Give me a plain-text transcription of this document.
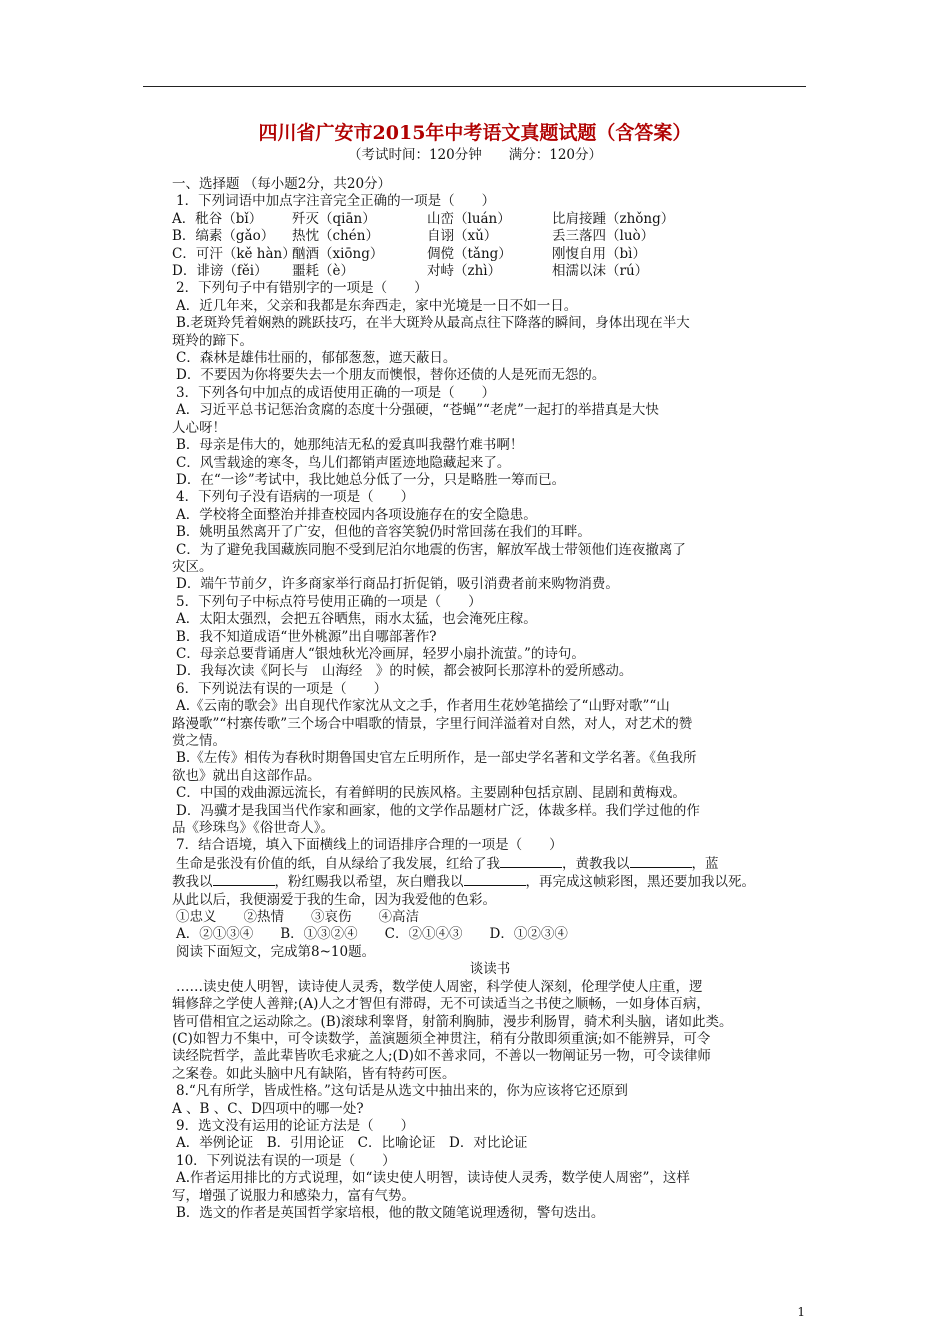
四川省广安市2015年中考语文真题试题（含答案）
（考试时间：120分钟　　满分：120分）
一、选择题 （每小题2分，共20分）
1．下列词语中加点字注音完全正确的一项是（　　）
A．秕谷（bǐ） 歼灭（qiān）	山峦（luán）	比肩接踵（zhǒng）
B．缟素（gǎo） 热忱（chén）	自诩（xǔ）	丢三落四（luò）
C．可汗（kě hàn）酗酒（xiōng）	倜傥（tǎng）	刚愎自用（bì）
D．诽谤（fěi） 噩耗（è）	对峙（zhì）	相濡以沫（rú）
2．下列句子中有错别字的一项是（　　）
A．近几年来，父亲和我都是东奔西走，家中光境是一日不如一日。
B.老斑羚凭着娴熟的跳跃技巧，在半大斑羚从最高点往下降落的瞬间，身体出现在半大
斑羚的蹄下。
C．森林是雄伟壮丽的，郁郁葱葱，遮天蔽日。
D．不要因为你将要失去一个朋友而懊恨，替你还债的人是死而无怨的。
3．下列各句中加点的成语使用正确的一项是（　　）
A．习近平总书记惩治贪腐的态度十分强硬，“苍蝇”“老虎”一起打的举措真是大快
人心呀！
B．母亲是伟大的，她那纯洁无私的爱真叫我罄竹难书啊！
C．风雪载途的寒冬，鸟儿们都销声匿迹地隐藏起来了。
D．在“一诊”考试中，我比她总分低了一分，只是略胜一筹而已。
4．下列句子没有语病的一项是（　　）
A．学校将全面整治并排查校园内各项设施存在的安全隐患。
B．姚明虽然离开了广安，但他的音容笑貌仍时常回荡在我们的耳畔。
C．为了避免我国藏族同胞不受到尼泊尔地震的伤害，解放军战士带领他们连夜撤离了
灾区。
D．端午节前夕，许多商家举行商品打折促销，吸引消费者前来购物消费。
5．下列句子中标点符号使用正确的一项是（　　）
A．太阳太强烈，会把五谷晒焦，雨水太猛，也会淹死庄稼。
B．我不知道成语“世外桃源”出自哪部著作?
C．母亲总要背诵唐人“银烛秋光冷画屏，轻罗小扇扑流萤。”的诗句。
D．我每次读《阿长与　山海经　》的时候，都会被阿长那淳朴的爱所感动。
6．下列说法有误的一项是（　　）
A.《云南的歌会》出自现代作家沈从文之手，作者用生花妙笔描绘了“山野对歌”“山
路漫歌”“村寨传歌”三个场合中唱歌的情景，字里行间洋溢着对自然，对人，对艺术的赞
赏之情。
B.《左传》相传为春秋时期鲁国史官左丘明所作，是一部史学名著和文学名著。《鱼我所
欲也》就出自这部作品。
C．中国的戏曲源远流长，有着鲜明的民族风格。主要剧种包括京剧、昆剧和黄梅戏。
D．冯骥才是我国当代作家和画家，他的文学作品题材广泛，体裁多样。我们学过他的作
品《珍珠鸟》《俗世奇人》。
7．结合语境，填入下面横线上的词语排序合理的一项是（　　）
生命是张没有价值的纸，自从绿给了我发展，红给了我	，黄教我以	，蓝
教我以	，粉红赐我以希望，灰白赠我以	，再完成这帧彩图，黑还要加我以死。
从此以后，我便溺爱于我的生命，因为我爱他的色彩。
①忠义　　②热情　　③哀伤　　④高洁
A．②①③④　　B．①③②④　　C．②①④③　　D．①②③④
阅读下面短文，完成第8~10题。
谈读书
……读史使人明智，读诗使人灵秀，数学使人周密，科学使人深刻，伦理学使人庄重，逻
辑修辞之学使人善辩;(A)人之才智但有滞碍，无不可读适当之书使之顺畅，一如身体百病，
皆可借相宜之运动除之。(B)滚球利睾肾，射箭利胸肺，漫步利肠胃，骑术利头脑，诸如此类。
(C)如智力不集中，可令读数学，盖演题须全神贯注，稍有分散即须重演;如不能辨异，可令
读经院哲学，盖此辈皆吹毛求疵之人;(D)如不善求同，不善以一物阐证另一物，可令读律师
之案卷。如此头脑中凡有缺陷，皆有特药可医。
8.“凡有所学，皆成性格。”这句话是从选文中抽出来的，你为应该将它还原到
A 、B 、C、D四项中的哪一处?
9．选文没有运用的论证方法是（　　）
A．举例论证　B．引用论证　C．比喻论证　D．对比论证
10．下列说法有误的一项是（　　）
A.作者运用排比的方式说理，如“读史使人明智，读诗使人灵秀，数学使人周密”，这样
写，增强了说服力和感染力，富有气势。
B．选文的作者是英国哲学家培根，他的散文随笔说理透彻，警句迭出。
1
